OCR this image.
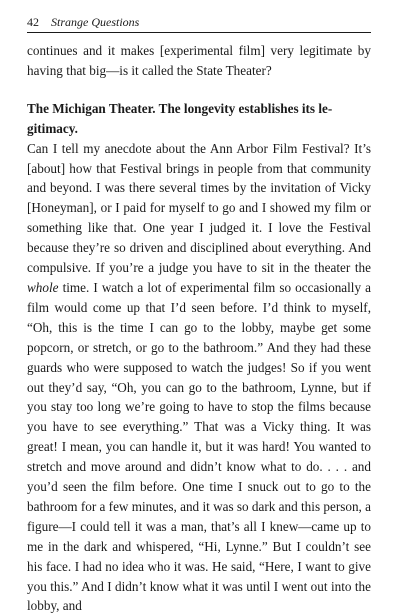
42 Strange Questions

continues and it makes [experimental film] very legitimate by having that big—is it called the State Theater?

The Michigan Theater. The longevity establishes its legitimacy.

Can I tell my anecdote about the Ann Arbor Film Festival? It’s [about] how that Festival brings in people from that community and beyond. I was there several times by the invitation of Vicky [Honeyman], or I paid for myself to go and I showed my film or something like that. One year I judged it. I love the Festival because they’re so driven and disciplined about everything. And compulsive. If you’re a judge you have to sit in the theater the whole time. I watch a lot of experimental film so occasionally a film would come up that I’d seen before. I’d think to myself, “Oh, this is the time I can go to the lobby, maybe get some popcorn, or stretch, or go to the bathroom.” And they had these guards who were supposed to watch the judges! So if you went out they’d say, “Oh, you can go to the bathroom, Lynne, but if you stay too long we’re going to have to stop the films because you have to see everything.” That was a Vicky thing. It was great! I mean, you can handle it, but it was hard! You wanted to stretch and move around and didn’t know what to do. . . . and you’d seen the film before. One time I snuck out to go to the bathroom for a few minutes, and it was so dark and this person, a figure—I could tell it was a man, that’s all I knew—came up to me in the dark and whispered, “Hi, Lynne.” But I couldn’t see his face. I had no idea who it was. He said, “Here, I want to give you this.” And I didn’t know what it was until I went out into the lobby, and
